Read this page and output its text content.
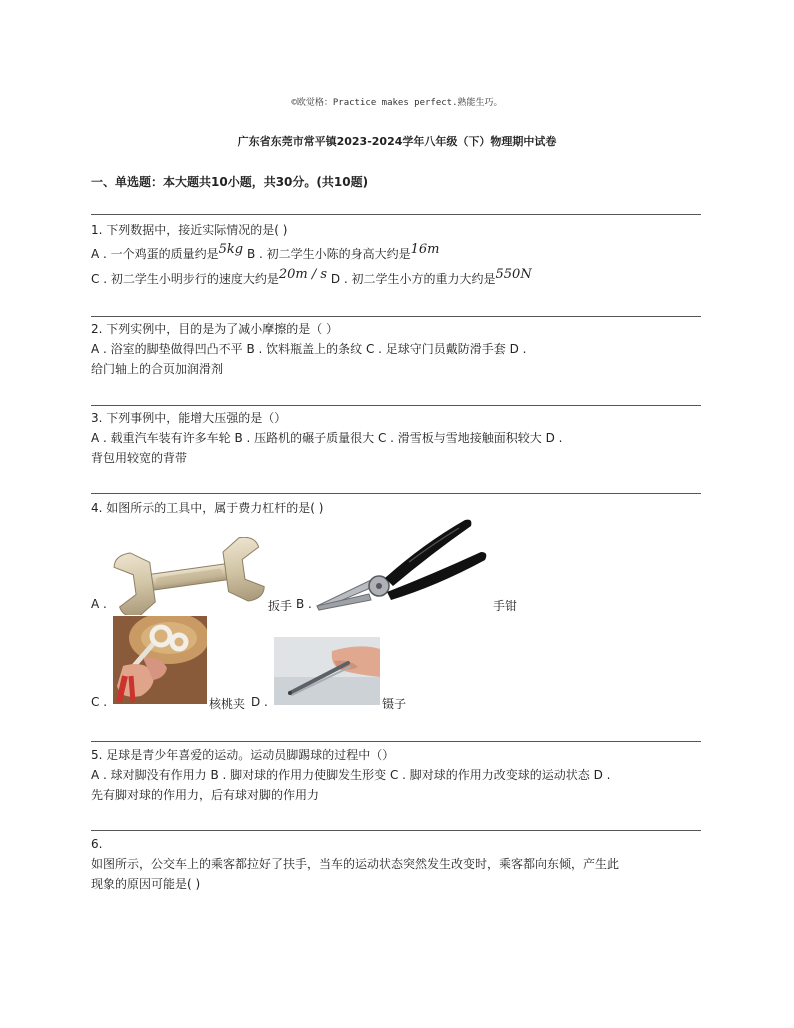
©欧觉格：Practice makes perfect.熟能生巧。
广东省东莞市常平镇2023-2024学年八年级（下）物理期中试卷
一、单选题：本大题共10小题，共30分。(共10题)
1. 下列数据中，接近实际情况的是( )
A . 一个鸡蛋的质量约是5kg B . 初二学生小陈的身高大约是16m
C . 初二学生小明步行的速度大约是20m / s D . 初二学生小方的重力大约是550N
2. 下列实例中，目的是为了减小摩擦的是（ ）
A . 浴室的脚垫做得凹凸不平 B . 饮料瓶盖上的条纹 C . 足球守门员戴防滑手套 D .
给门轴上的合页加润滑剂
3. 下列事例中，能增大压强的是（）
A . 载重汽车装有许多车轮 B . 压路机的碾子质量很大 C . 滑雪板与雪地接触面积较大 D .
背包用较宽的背带
4. 如图所示的工具中，属于费力杠杆的是( )
A .	扳手 B .	手钳
C .	核桃夹 D .	镊子
5. 足球是青少年喜爱的运动。运动员脚踢球的过程中（）
A . 球对脚没有作用力 B . 脚对球的作用力使脚发生形变 C . 脚对球的作用力改变球的运动状态 D .
先有脚对球的作用力，后有球对脚的作用力
6.
如图所示，公交车上的乘客都拉好了扶手，当车的运动状态突然发生改变时，乘客都向东倾，产生此
现象的原因可能是( )
